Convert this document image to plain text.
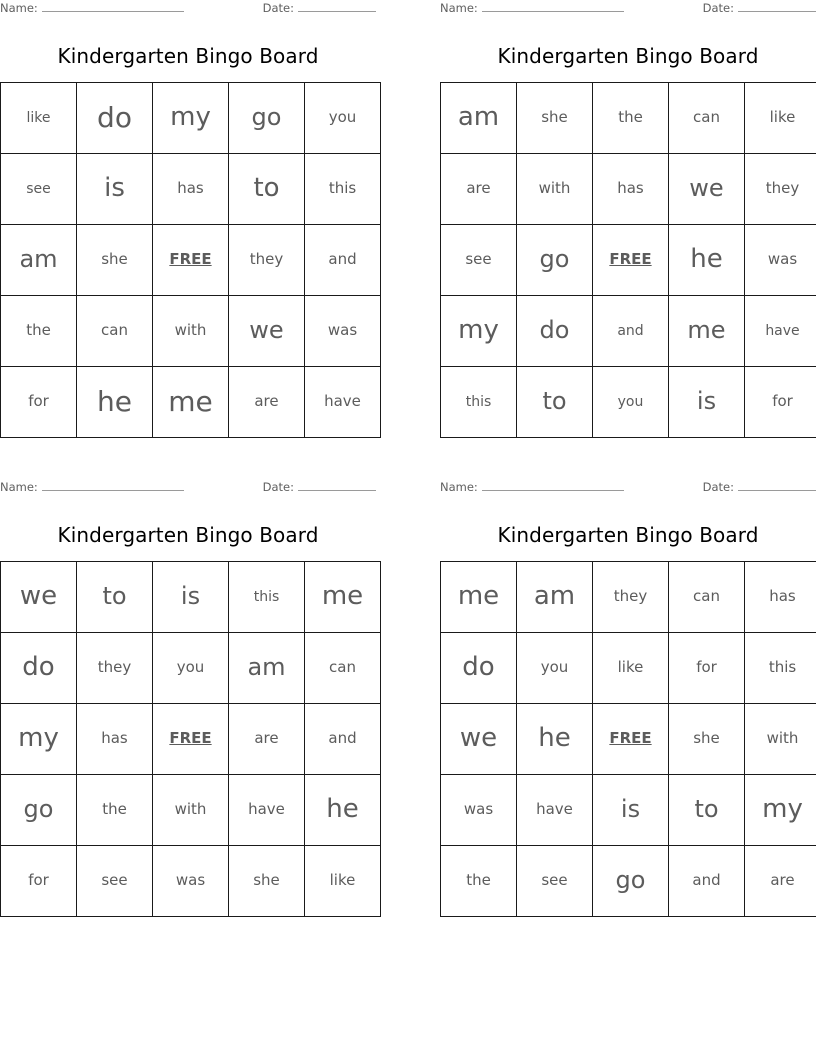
Name:	Date:
Kindergarten Bingo Board
like	do	my	go	you

see	is	has	to	this

am	she	FREE	they	and

the	can	with	we	was

for	he	me	are	have
Name:	Date:
Kindergarten Bingo Board
am	she	the	can	like

are	with	has	we	they

see	go	FREE	he	was

my	do	and	me	have

this	to	you	is	for
Name:	Date:
Kindergarten Bingo Board
we	to	is	this	me

do	they	you	am	can

my	has	FREE	are	and

go	the	with	have	he

for	see	was	she	like
Name:	Date:
Kindergarten Bingo Board
me	am	they	can	has

do	you	like	for	this

we	he	FREE	she	with

was	have	is	to	my

the	see	go	and	are
